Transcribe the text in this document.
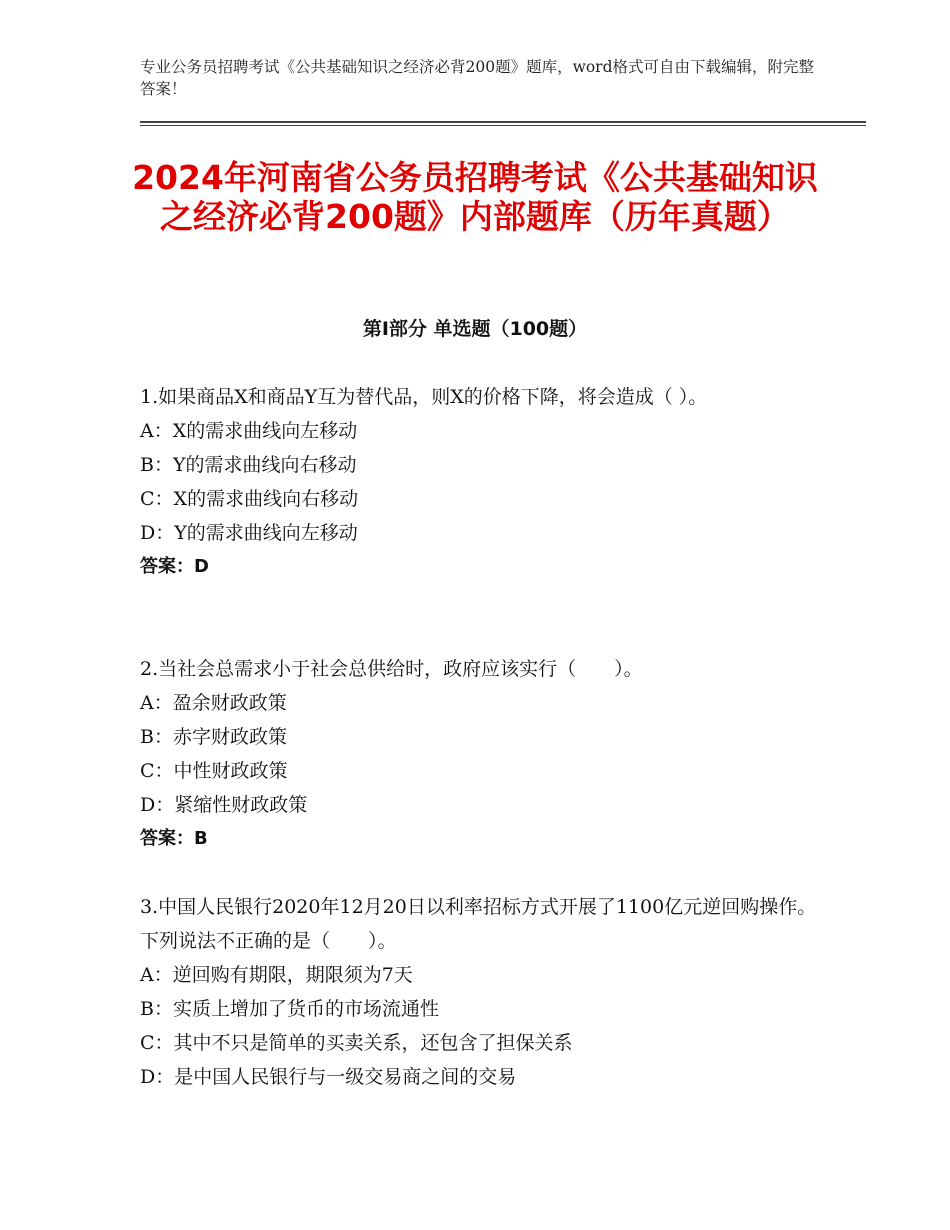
专业公务员招聘考试《公共基础知识之经济必背200题》题库，word格式可自由下载编辑，附完整答案！
2024年河南省公务员招聘考试《公共基础知识之经济必背200题》内部题库（历年真题）
第Ⅰ部分 单选题（100题）

1.如果商品X和商品Y互为替代品，则X的价格下降，将会造成（ ）。

A：X的需求曲线向左移动

B：Y的需求曲线向右移动

C：X的需求曲线向右移动

D：Y的需求曲线向左移动

答案：D

2.当社会总需求小于社会总供给时，政府应该实行（　　）。

A：盈余财政政策

B：赤字财政政策

C：中性财政政策

D：紧缩性财政政策

答案：B

3.中国人民银行2020年12月20日以利率招标方式开展了1100亿元逆回购操作。下列说法不正确的是（　　）。

A：逆回购有期限，期限须为7天

B：实质上增加了货币的市场流通性

C：其中不只是简单的买卖关系，还包含了担保关系

D：是中国人民银行与一级交易商之间的交易
